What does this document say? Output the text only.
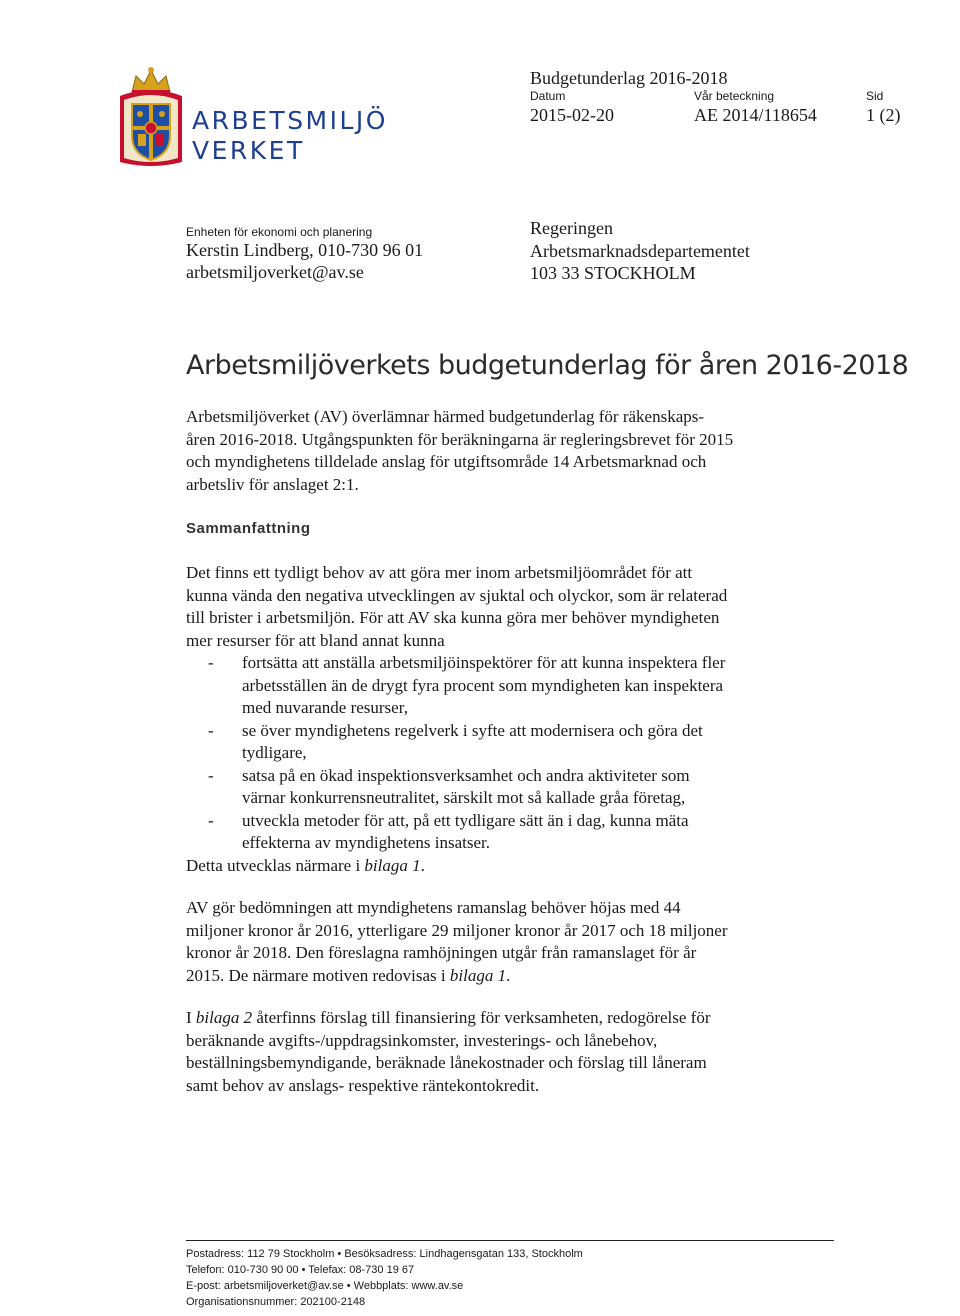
ARBETSMILJÖ
VERKET
Budgetunderlag 2016-2018
Datum	Vår beteckning	Sid
2015-02-20	AE 2014/118654	1 (2)
Enheten för ekonomi och planering
Kerstin Lindberg, 010-730 96 01
arbetsmiljoverket@av.se
Regeringen
Arbetsmarknadsdepartementet
103 33 STOCKHOLM
Arbetsmiljöverkets budgetunderlag för åren 2016-2018
Arbetsmiljöverket (AV) överlämnar härmed budgetunderlag för räkenskaps-
åren 2016-2018. Utgångspunkten för beräkningarna är regleringsbrevet för 2015
och myndighetens tilldelade anslag för utgiftsområde 14 Arbetsmarknad och
arbetsliv för anslaget 2:1.
Sammanfattning
Det finns ett tydligt behov av att göra mer inom arbetsmiljöområdet för att
kunna vända den negativa utvecklingen av sjuktal och olyckor, som är relaterad
till brister i arbetsmiljön. För att AV ska kunna göra mer behöver myndigheten
mer resurser för att bland annat kunna
- fortsätta att anställa arbetsmiljöinspektörer för att kunna inspektera fler
arbetsställen än de drygt fyra procent som myndigheten kan inspektera
med nuvarande resurser,
- se över myndighetens regelverk i syfte att modernisera och göra det
tydligare,
- satsa på en ökad inspektionsverksamhet och andra aktiviteter som
värnar konkurrensneutralitet, särskilt mot så kallade gråa företag,
- utveckla metoder för att, på ett tydligare sätt än i dag, kunna mäta
effekterna av myndighetens insatser.
Detta utvecklas närmare i bilaga 1.
AV gör bedömningen att myndighetens ramanslag behöver höjas med 44
miljoner kronor år 2016, ytterligare 29 miljoner kronor år 2017 och 18 miljoner
kronor år 2018. Den föreslagna ramhöjningen utgår från ramanslaget för år
2015. De närmare motiven redovisas i bilaga 1.
I bilaga 2 återfinns förslag till finansiering för verksamheten, redogörelse för
beräknande avgifts-/uppdragsinkomster, investerings- och lånebehov,
beställningsbemyndigande, beräknade lånekostnader och förslag till låneram
samt behov av anslags- respektive räntekontokredit.
Postadress: 112 79 Stockholm • Besöksadress: Lindhagensgatan 133, Stockholm
Telefon: 010-730 90 00 • Telefax: 08-730 19 67
E-post: arbetsmiljoverket@av.se • Webbplats: www.av.se
Organisationsnummer: 202100-2148
